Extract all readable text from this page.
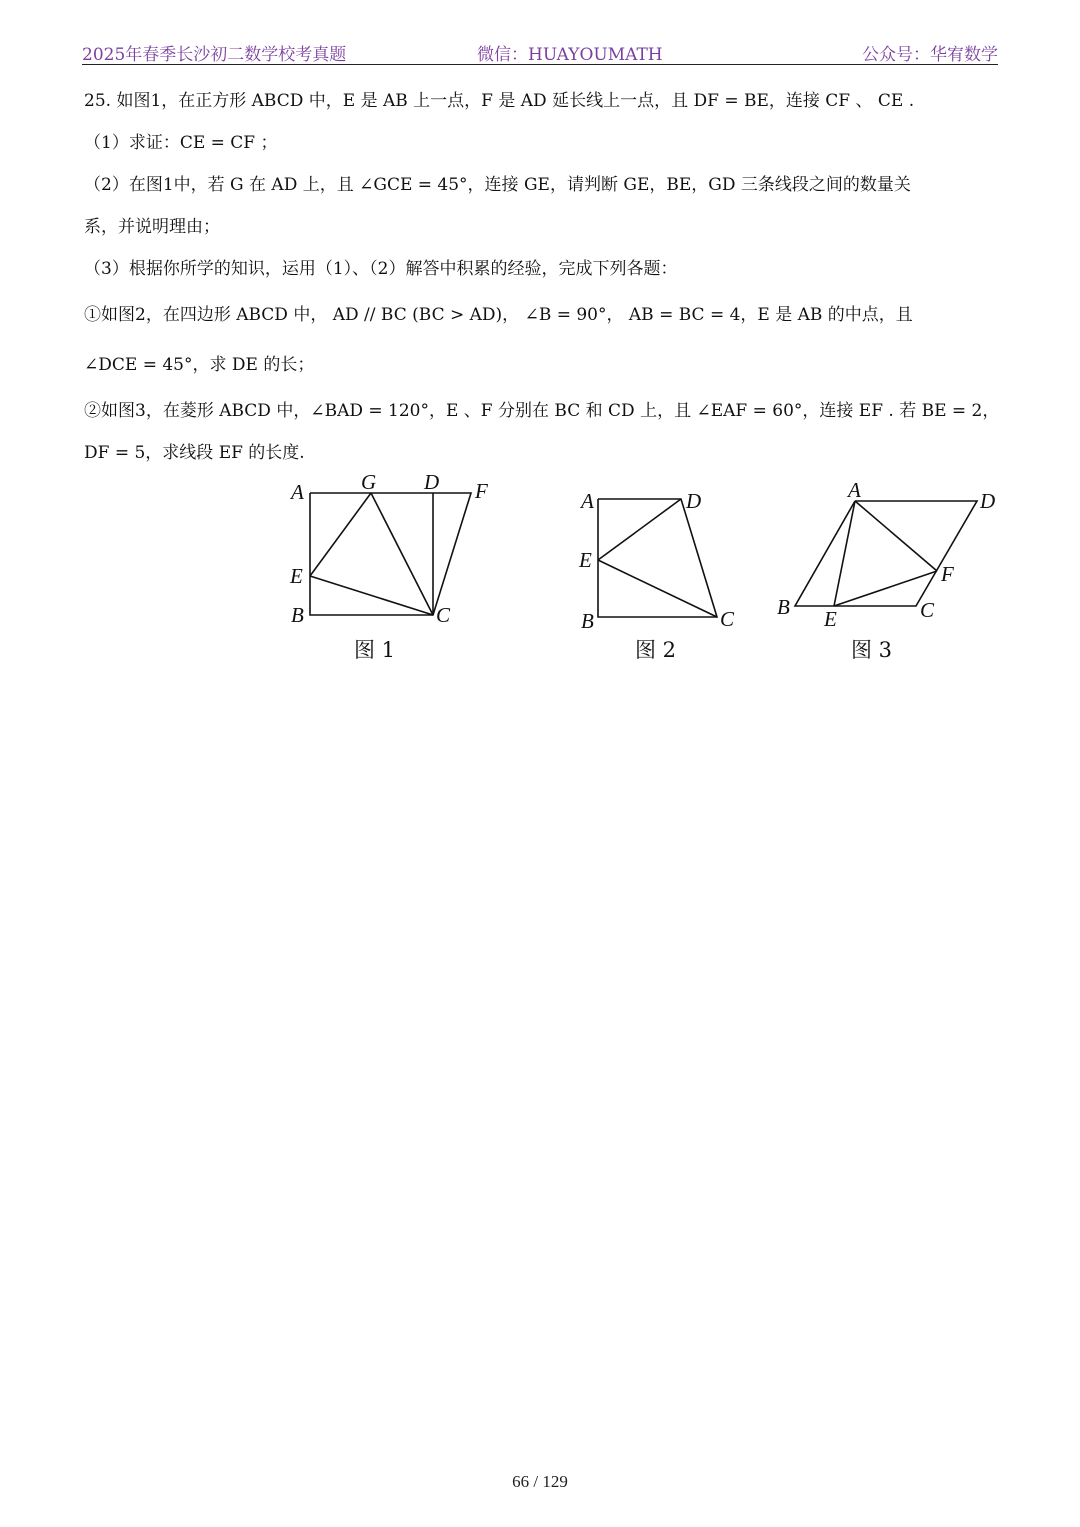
2025年春季长沙初二数学校考真题	微信：HUAYOUMATH	公众号：华宥数学
25. 如图1，在正方形 ABCD 中，E 是 AB 上一点，F 是 AD 延长线上一点，且 DF = BE，连接 CF 、 CE .
（1）求证：CE = CF ；
（2）在图1中，若 G 在 AD 上，且 ∠GCE = 45°，连接 GE，请判断 GE，BE，GD 三条线段之间的数量关
系，并说明理由；
（3）根据你所学的知识，运用（1）、（2）解答中积累的经验，完成下列各题：
①如图2，在四边形 ABCD 中， AD // BC (BC > AD)， ∠B = 90°， AB = BC = 4，E 是 AB 的中点，且
∠DCE = 45°，求 DE 的长；
②如图3，在菱形 ABCD 中，∠BAD = 120°，E 、F 分别在 BC 和 CD 上，且 ∠EAF = 60°，连接 EF . 若 BE = 2，
DF = 5，求线段 EF 的长度.
A	G D F
E
B	C
图 1
A	D
E
B	C
图 2
A	D
F
B E	C
图 3
66 / 129
